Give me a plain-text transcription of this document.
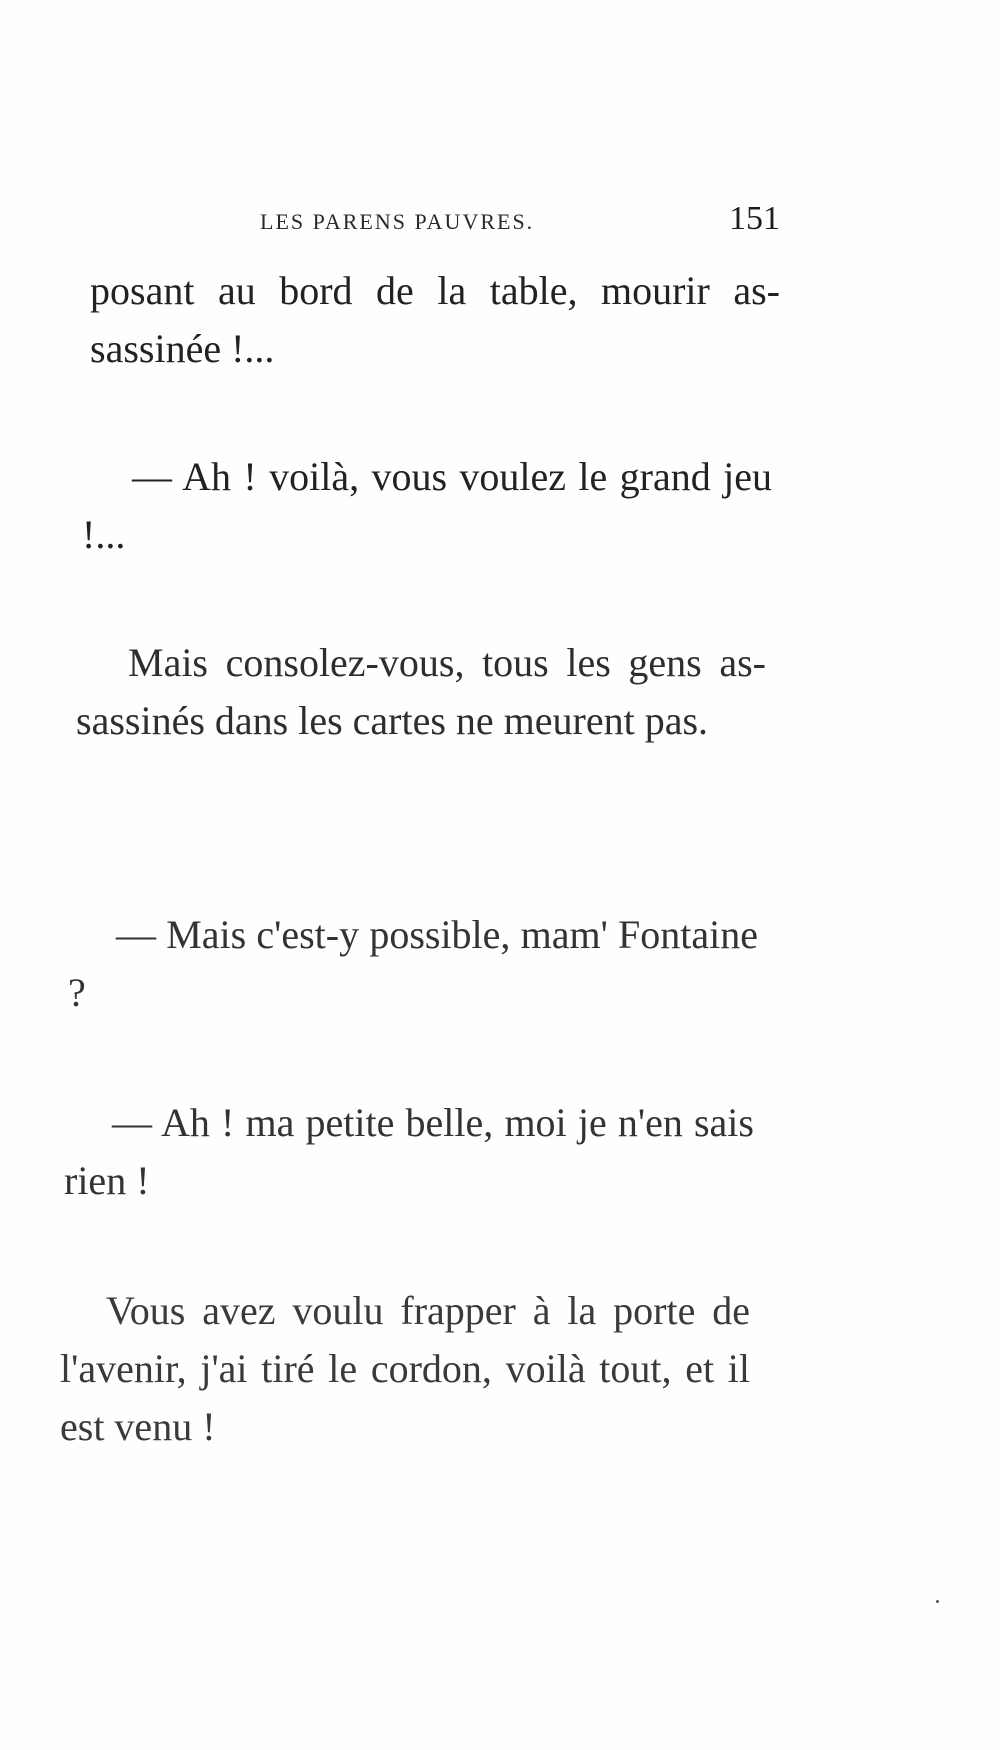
LES PARENS PAUVRES.	151

posant au bord de la table, mourir as-sassinée !...

— Ah ! voilà, vous voulez le grand jeu !...

Mais consolez-vous, tous les gens as-sassinés dans les cartes ne meurent pas.

— Mais c'est-y possible, mam' Fontaine ?

— Ah ! ma petite belle, moi je n'en sais rien !

Vous avez voulu frapper à la porte de l'avenir, j'ai tiré le cordon, voilà tout, et il est venu !
